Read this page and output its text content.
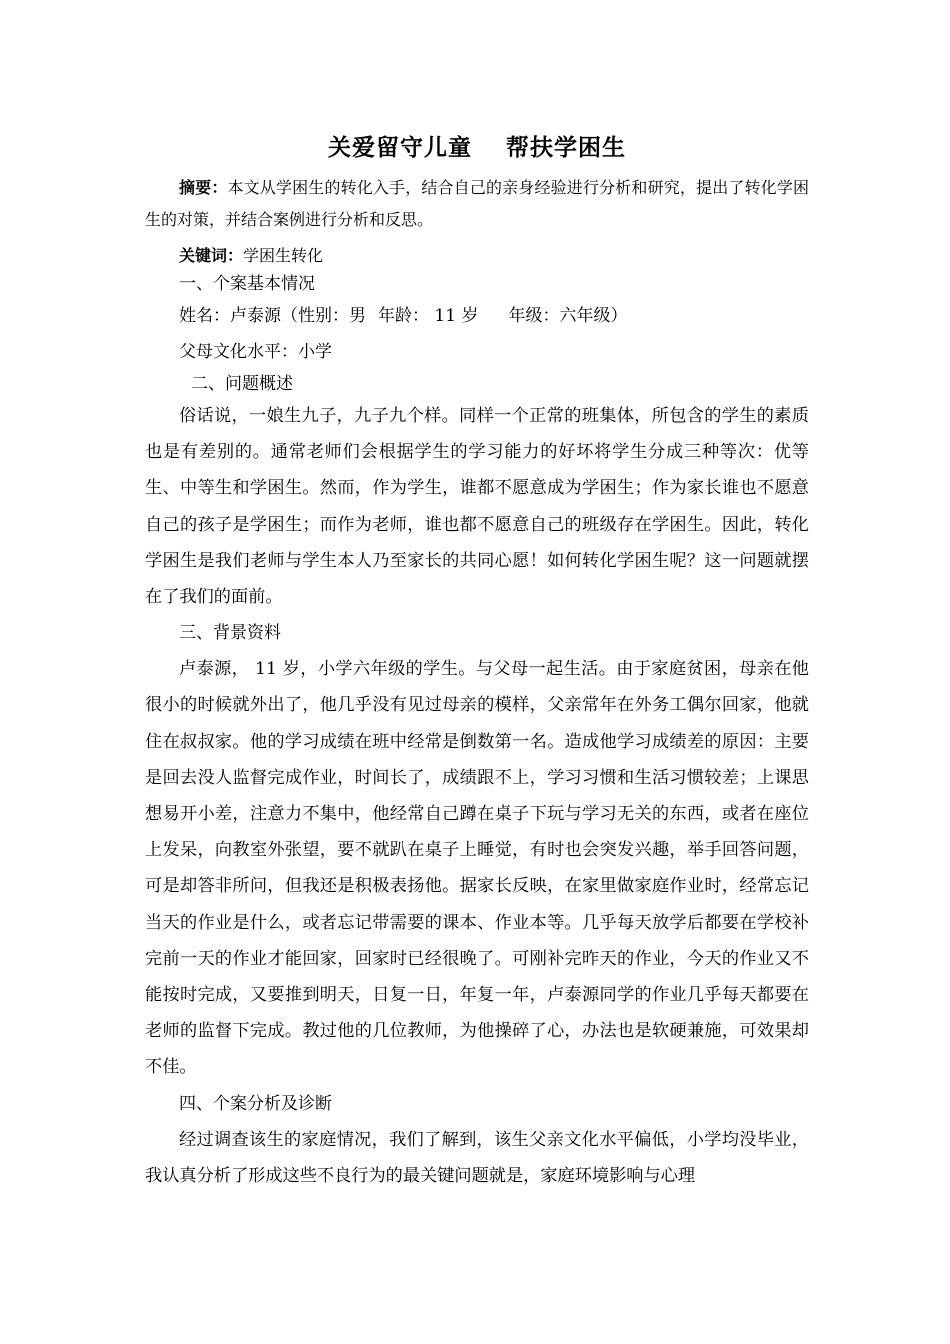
关爱留守儿童 帮扶学困生

摘要：本文从学困生的转化入手，结合自己的亲身经验进行分析和研究，提出了转化学困生的对策，并结合案例进行分析和反思。

关键词：学困生转化

一、个案基本情况

姓名：卢泰源（性别：男 年龄： 11 岁 年级：六年级）

父母文化水平：小学

二、问题概述

俗话说，一娘生九子，九子九个样。同样一个正常的班集体，所包含的学生的素质也是有差别的。通常老师们会根据学生的学习能力的好坏将学生分成三种等次：优等生、中等生和学困生。然而，作为学生，谁都不愿意成为学困生；作为家长谁也不愿意自己的孩子是学困生；而作为老师，谁也都不愿意自己的班级存在学困生。因此，转化学困生是我们老师与学生本人乃至家长的共同心愿！如何转化学困生呢？这一问题就摆在了我们的面前。

三、背景资料

卢泰源， 11 岁，小学六年级的学生。与父母一起生活。由于家庭贫困，母亲在他很小的时候就外出了，他几乎没有见过母亲的模样，父亲常年在外务工偶尔回家，他就住在叔叔家。他的学习成绩在班中经常是倒数第一名。造成他学习成绩差的原因：主要是回去没人监督完成作业，时间长了，成绩跟不上，学习习惯和生活习惯较差；上课思想易开小差，注意力不集中，他经常自己蹲在桌子下玩与学习无关的东西，或者在座位上发呆，向教室外张望，要不就趴在桌子上睡觉，有时也会突发兴趣，举手回答问题，可是却答非所问，但我还是积极表扬他。据家长反映，在家里做家庭作业时，经常忘记当天的作业是什么，或者忘记带需要的课本、作业本等。几乎每天放学后都要在学校补完前一天的作业才能回家，回家时已经很晚了。可刚补完昨天的作业，今天的作业又不能按时完成，又要推到明天，日复一日，年复一年，卢泰源同学的作业几乎每天都要在老师的监督下完成。教过他的几位教师，为他操碎了心，办法也是软硬兼施，可效果却不佳。

四、个案分析及诊断

经过调查该生的家庭情况，我们了解到，该生父亲文化水平偏低，小学均没毕业，我认真分析了形成这些不良行为的最关键问题就是，家庭环境影响与心理
